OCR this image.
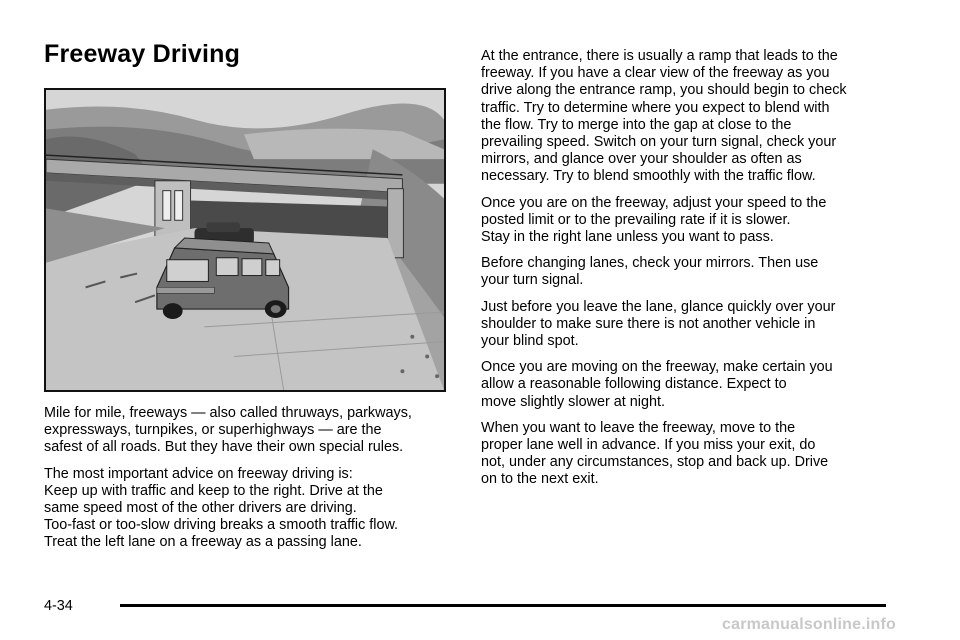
Freeway Driving

Mile for mile, freeways — also called thruways, parkways,
expressways, turnpikes, or superhighways — are the
safest of all roads. But they have their own special rules.

The most important advice on freeway driving is:
Keep up with traffic and keep to the right. Drive at the
same speed most of the other drivers are driving.
Too-fast or too-slow driving breaks a smooth traffic flow.
Treat the left lane on a freeway as a passing lane.

At the entrance, there is usually a ramp that leads to the
freeway. If you have a clear view of the freeway as you
drive along the entrance ramp, you should begin to check
traffic. Try to determine where you expect to blend with
the flow. Try to merge into the gap at close to the
prevailing speed. Switch on your turn signal, check your
mirrors, and glance over your shoulder as often as
necessary. Try to blend smoothly with the traffic flow.

Once you are on the freeway, adjust your speed to the
posted limit or to the prevailing rate if it is slower.
Stay in the right lane unless you want to pass.

Before changing lanes, check your mirrors. Then use
your turn signal.

Just before you leave the lane, glance quickly over your
shoulder to make sure there is not another vehicle in
your blind spot.

Once you are moving on the freeway, make certain you
allow a reasonable following distance. Expect to
move slightly slower at night.

When you want to leave the freeway, move to the
proper lane well in advance. If you miss your exit, do
not, under any circumstances, stop and back up. Drive
on to the next exit.

4-34
carmanualsonline.info
